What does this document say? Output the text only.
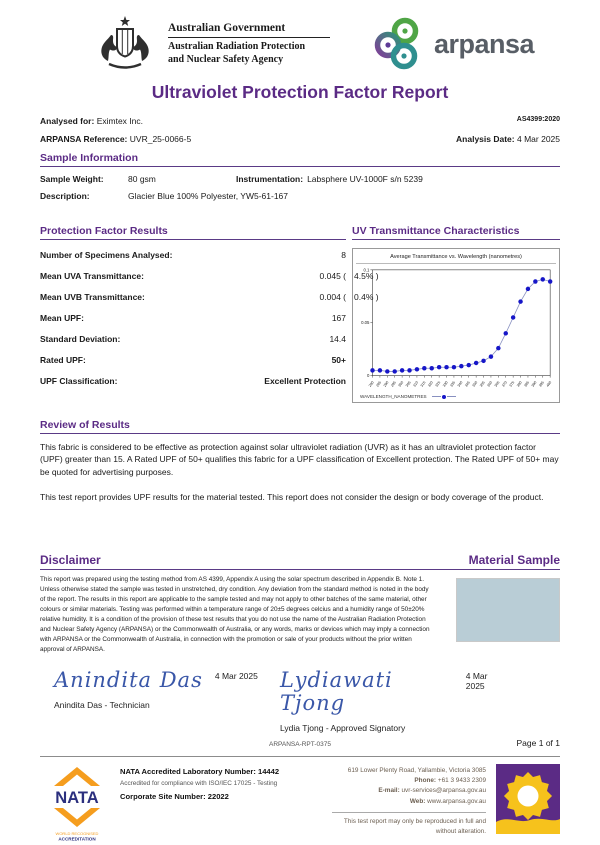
Australian Government
Australian Radiation Protection
and Nuclear Safety Agency
arpansa
Ultraviolet Protection Factor Report
Analysed for: Eximtex Inc.	AS4399:2020
ARPANSA Reference: UVR_25-0066-5	Analysis Date: 4 Mar 2025
Sample Information
Sample Weight:	80 gsm	Instrumentation: Labsphere UV-1000F s/n 5239
Description:	Glacier Blue 100% Polyester, YW5-61-167
Protection Factor Results
Number of Specimens Analysed:	8
Mean UVA Transmittance:	0.045 ( 4.5% )
Mean UVB Transmittance:	0.004 ( 0.4% )
Mean UPF:	167
Standard Deviation:	14.4
Rated UPF:	50+
UPF Classification:	Excellent Protection
UV Transmittance Characteristics
Average Transmittance vs. Wavelength (nanometres)
0.1
0.05
0
280 285 290 295 300 305 310 315 320 325 330 335 340 345 350 355 360 365 370 375 380 385 390 395 400
WAVELENGTH_NANOMETRES
Review of Results

This fabric is considered to be effective as protection against solar ultraviolet radiation (UVR) as it has an ultraviolet protection factor (UPF) greater than 15. A Rated UPF of 50+ qualifies this fabric for a UPF classification of Excellent protection. The Rated UPF of 50+ may be quoted for advertising purposes.

This test report provides UPF results for the material tested. This report does not consider the design or body coverage of the product.

Disclaimer	Material Sample
This report was prepared using the testing method from AS 4399, Appendix A using the solar spectrum described in Appendix B. Note 1. Unless otherwise stated the sample was tested in unstretched, dry condition. Any deviation from the standard method is noted in the body of the report. The results in this report are applicable to the sample tested and may not apply to other batches of the same material, other colours or similar materials. Testing was performed within a temperature range of 20±5 degrees celcius and a humidity range of 50±20% relative humidity. It is a condition of the provision of these test results that you do not use the name of the Australian Radiation Protection and Nuclear Safety Agency (ARPANSA) or the Commonwealth of Australia, or any words, marks or devices which may imply a connection with ARPANSA or the Commonwealth of Australia, in connection with the promotion or sale of your products without the prior written approval of ARPANSA.
Anindita Das 4 Mar 2025
Anindita Das - Technician
Lydiawati Tjong
4 Mar 2025
Lydia Tjong - Approved Signatory
ARPANSA-RPT-0375	Page 1 of 1
NATA
WORLD RECOGNISED
ACCREDITATION
NATA Accredited Laboratory Number: 14442
Accredited for compliance with ISO/IEC 17025 - Testing
Corporate Site Number: 22022
619 Lower Plenty Road, Yallambie, Victoria 3085
Phone: +61 3 9433 2309
E-mail: uvr-services@arpansa.gov.au
Web: www.arpansa.gov.au
This test report may only be reproduced in full and without alteration.
